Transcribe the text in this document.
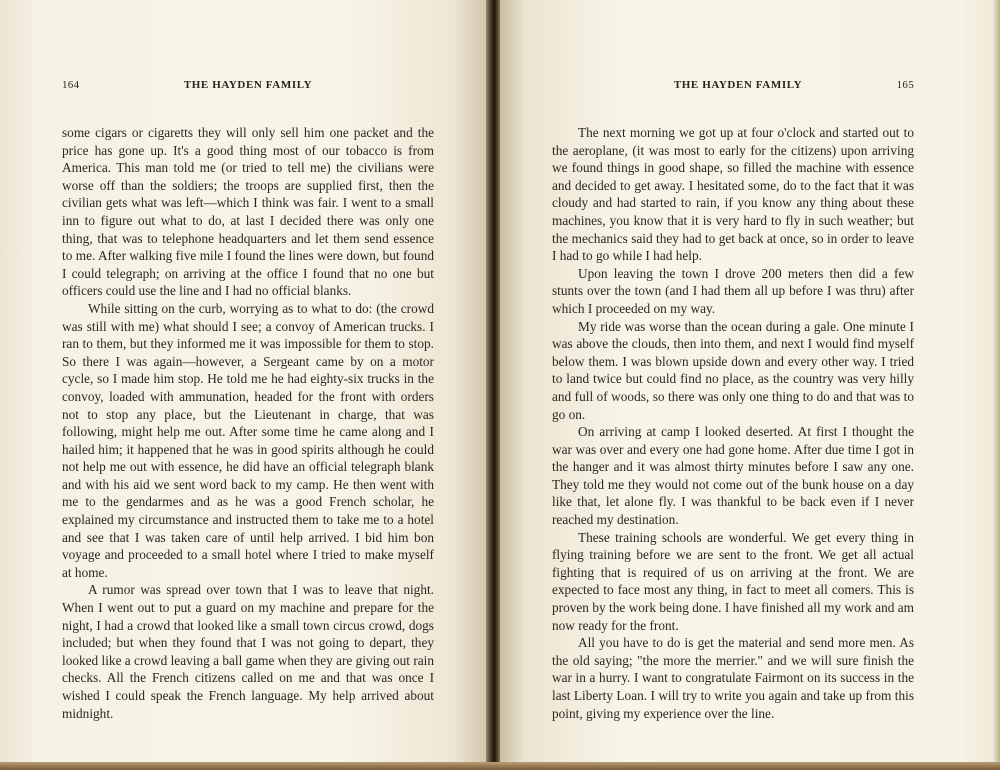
164	THE HAYDEN FAMILY

some cigars or cigaretts they will only sell him one packet and the price has gone up. It's a good thing most of our tobacco is from America. This man told me (or tried to tell me) the civilians were worse off than the soldiers; the troops are supplied first, then the civilian gets what was left—which I think was fair. I went to a small inn to figure out what to do, at last I decided there was only one thing, that was to telephone headquarters and let them send essence to me. After walking five mile I found the lines were down, but found I could telegraph; on arriving at the office I found that no one but officers could use the line and I had no official blanks.

While sitting on the curb, worrying as to what to do: (the crowd was still with me) what should I see; a convoy of American trucks. I ran to them, but they informed me it was impossible for them to stop. So there I was again—however, a Sergeant came by on a motor cycle, so I made him stop. He told me he had eighty-six trucks in the convoy, loaded with ammunation, headed for the front with orders not to stop any place, but the Lieutenant in charge, that was following, might help me out. After some time he came along and I hailed him; it happened that he was in good spirits although he could not help me out with essence, he did have an official telegraph blank and with his aid we sent word back to my camp. He then went with me to the gendarmes and as he was a good French scholar, he explained my circumstance and instructed them to take me to a hotel and see that I was taken care of until help arrived. I bid him bon voyage and proceeded to a small hotel where I tried to make myself at home.

A rumor was spread over town that I was to leave that night. When I went out to put a guard on my machine and prepare for the night, I had a crowd that looked like a small town circus crowd, dogs included; but when they found that I was not going to depart, they looked like a crowd leaving a ball game when they are giving out rain checks. All the French citizens called on me and that was once I wished I could speak the French language. My help arrived about midnight.

THE HAYDEN FAMILY	165

The next morning we got up at four o'clock and started out to the aeroplane, (it was most to early for the citizens) upon arriving we found things in good shape, so filled the machine with essence and decided to get away. I hesitated some, do to the fact that it was cloudy and had started to rain, if you know any thing about these machines, you know that it is very hard to fly in such weather; but the mechanics said they had to get back at once, so in order to leave I had to go while I had help.

Upon leaving the town I drove 200 meters then did a few stunts over the town (and I had them all up before I was thru) after which I proceeded on my way.

My ride was worse than the ocean during a gale. One minute I was above the clouds, then into them, and next I would find myself below them. I was blown upside down and every other way. I tried to land twice but could find no place, as the country was very hilly and full of woods, so there was only one thing to do and that was to go on.

On arriving at camp I looked deserted. At first I thought the war was over and every one had gone home. After due time I got in the hanger and it was almost thirty minutes before I saw any one. They told me they would not come out of the bunk house on a day like that, let alone fly. I was thankful to be back even if I never reached my destination.

These training schools are wonderful. We get every thing in flying training before we are sent to the front. We get all actual fighting that is required of us on arriving at the front. We are expected to face most any thing, in fact to meet all comers. This is proven by the work being done. I have finished all my work and am now ready for the front.

All you have to do is get the material and send more men. As the old saying; "the more the merrier." and we will sure finish the war in a hurry. I want to congratulate Fairmont on its success in the last Liberty Loan. I will try to write you again and take up from this point, giving my experience over the line.
